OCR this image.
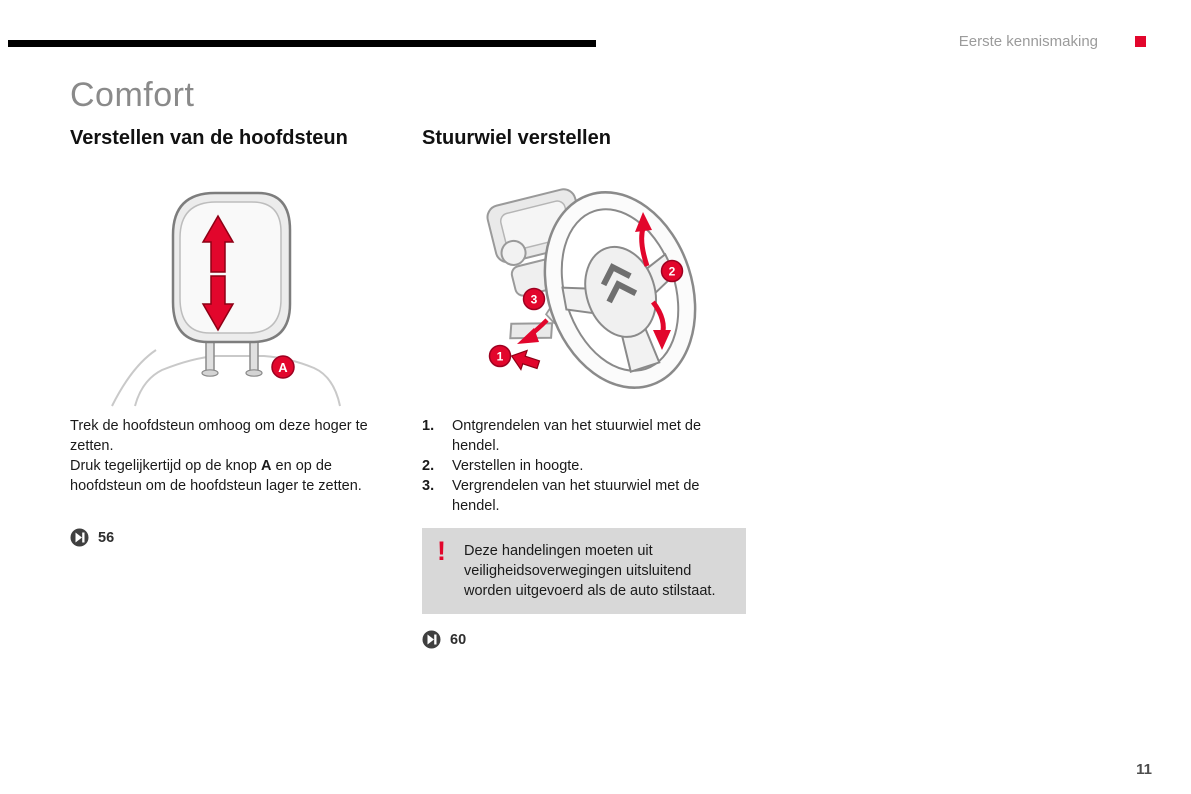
Eerste kennismaking
Comfort
Verstellen van de hoofdsteun	Stuurwiel verstellen
A
1
2
3

Trek de hoofdsteun omhoog om deze hoger te zetten.

Druk tegelijkertijd op de knop A en op de hoofdsteun om de hoofdsteun lager te zetten.

56
1.	Ontgrendelen van het stuurwiel met de hendel.
2.	Verstellen in hoogte.
3.	Vergrendelen van het stuurwiel met de hendel.
! Deze handelingen moeten uit veiligheidsoverwegingen uitsluitend worden uitgevoerd als de auto stilstaat.
60
11
